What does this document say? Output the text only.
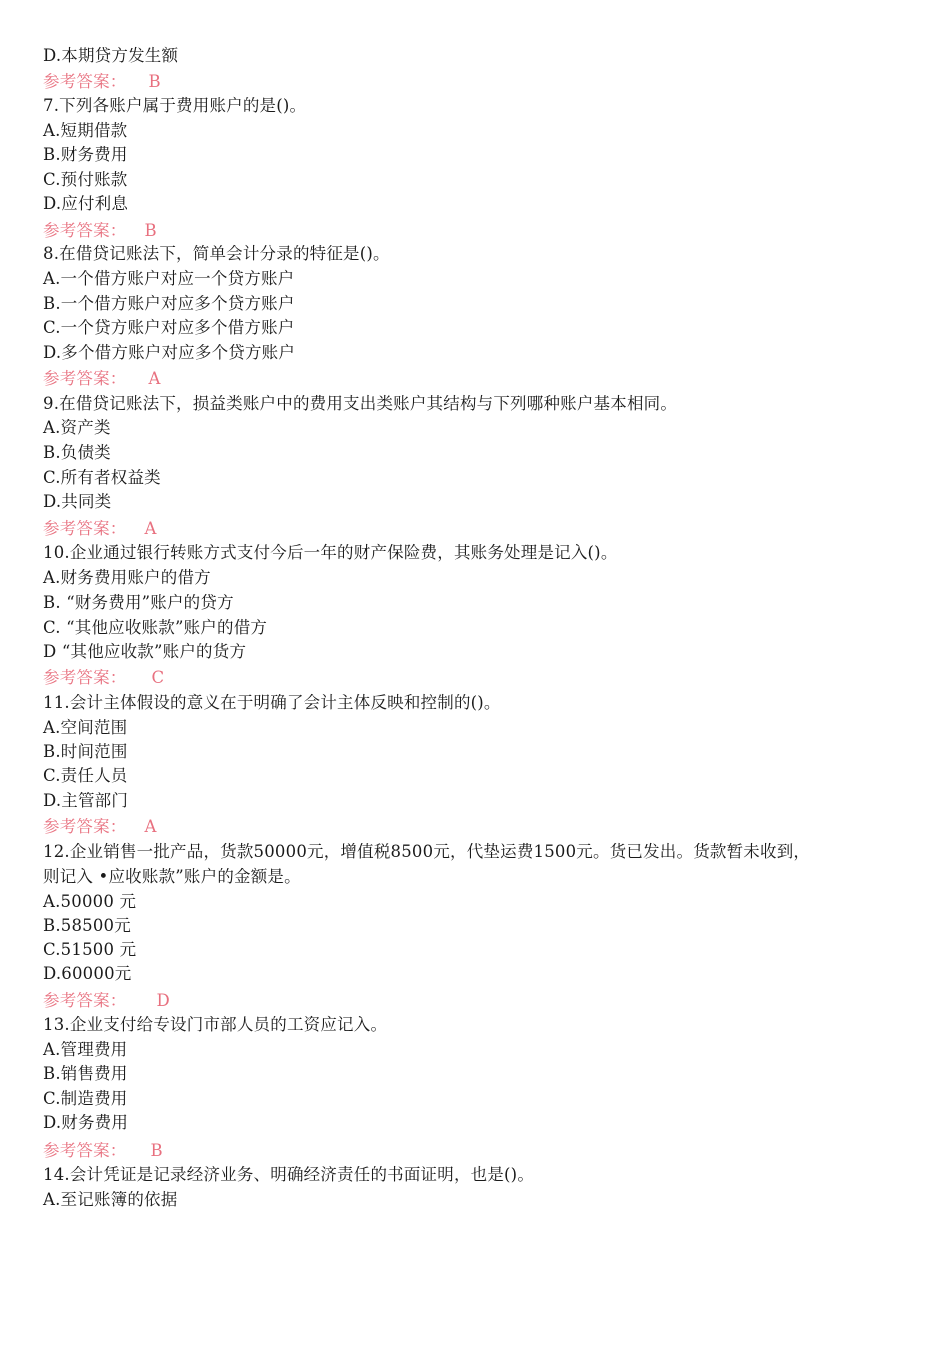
D.本期贷方发生额
参考答案： B
7.下列各账户属于费用账户的是()。
A.短期借款
B.财务费用
C.预付账款
D.应付利息
参考答案： B
8.在借贷记账法下，简单会计分录的特征是()。
A.一个借方账户对应一个贷方账户
B.一个借方账户对应多个贷方账户
C.一个贷方账户对应多个借方账户
D.多个借方账户对应多个贷方账户
参考答案： A
9.在借贷记账法下，损益类账户中的费用支出类账户其结构与下列哪种账户基本相同。
A.资产类
B.负债类
C.所有者权益类
D.共同类
参考答案： A
10.企业通过银行转账方式支付今后一年的财产保险费，其账务处理是记入()。
A.财务费用账户的借方
B. “财务费用”账户的贷方
C. “其他应收账款”账户的借方
D “其他应收款”账户的货方
参考答案： C
11.会计主体假设的意义在于明确了会计主体反映和控制的()。
A.空间范围
B.时间范围
C.责任人员
D.主管部门
参考答案： A
12.企业销售一批产品，货款50000元，增值税8500元，代垫运费1500元。货已发出。货款暂未收到，
则记入 •应收账款”账户的金额是。
A.50000 元
B.58500元
C.51500 元
D.60000元
参考答案： D
13.企业支付给专设门市部人员的工资应记入。
A.管理费用
B.销售费用
C.制造费用
D.财务费用
参考答案： B
14.会计凭证是记录经济业务、明确经济责任的书面证明，也是()。
A.至记账簿的依据
